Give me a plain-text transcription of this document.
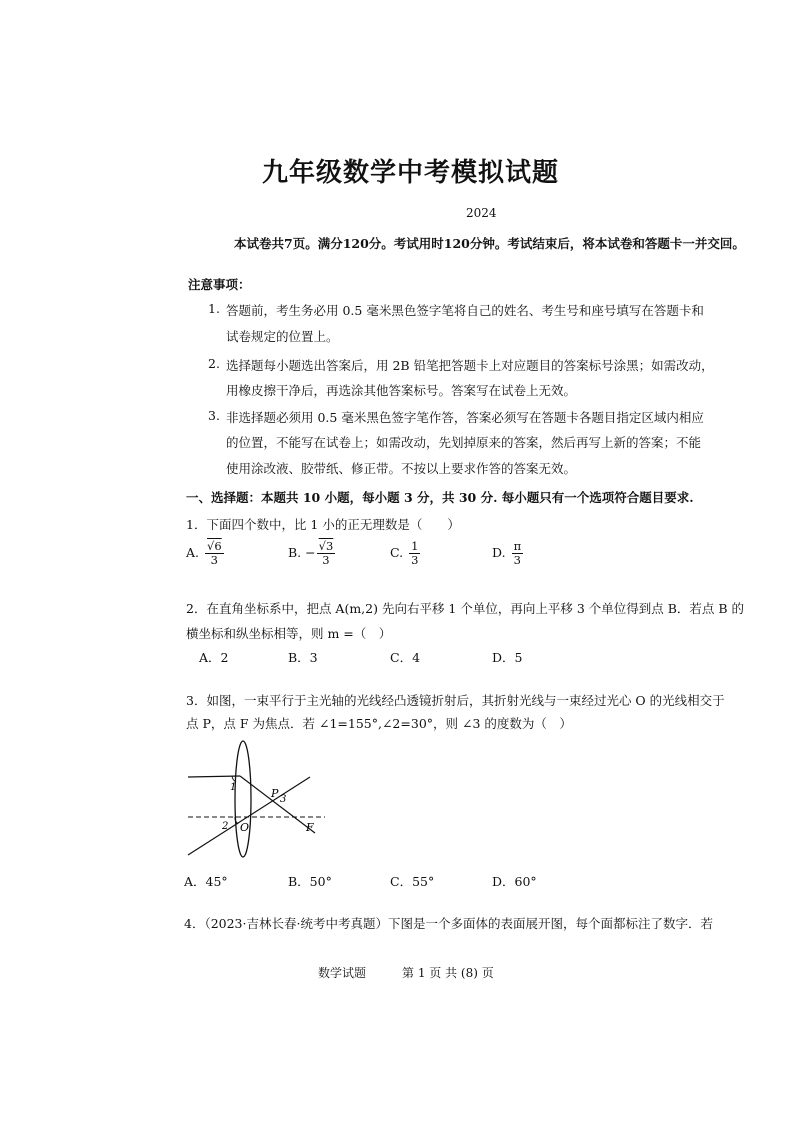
九年级数学中考模拟试题
2024
本试卷共7页。满分120分。考试用时120分钟。考试结束后，将本试卷和答题卡一并交回。
注意事项：
1. 答题前，考生务必用 0.5 毫米黑色签字笔将自己的姓名、考生号和座号填写在答题卡和
试卷规定的位置上。
2. 选择题每小题选出答案后，用 2B 铅笔把答题卡上对应题目的答案标号涂黑；如需改动，
用橡皮擦干净后，再选涂其他答案标号。答案写在试卷上无效。
3. 非选择题必须用 0.5 毫米黑色签字笔作答，答案必须写在答题卡各题目指定区域内相应
的位置，不能写在试卷上；如需改动，先划掉原来的答案，然后再写上新的答案；不能
使用涂改液、胶带纸、修正带。不按以上要求作答的答案无效。
一、选择题：本题共 10 小题，每小题 3 分，共 30 分. 每小题只有一个选项符合题目要求.
1．下面四个数中，比 1 小的正无理数是（　　）
A. $\frac{√6}{3}$	B. − $\frac{√3}{3}$	C. $\frac{1}{3}$	D. $\frac{\pi}{3}$
2．在直角坐标系中，把点 A(m,2) 先向右平移 1 个单位，再向上平移 3 个单位得到点 B．若点 B 的
横坐标和纵坐标相等，则 m =（　）
A．2	B．3	C．4	D．5
3．如图，一束平行于主光轴的光线经凸透镜折射后，其折射光线与一束经过光心 O 的光线相交于
点 P，点 F 为焦点．若 ∠1=155°,∠2=30°，则 ∠3 的度数为（　）
1
2
3
O
P
F
A．45°	B．50°	C．55°	D．60°
4．（2023·吉林长春·统考中考真题）下图是一个多面体的表面展开图，每个面都标注了数字．若
数学试题	第 1 页 共 (8) 页
